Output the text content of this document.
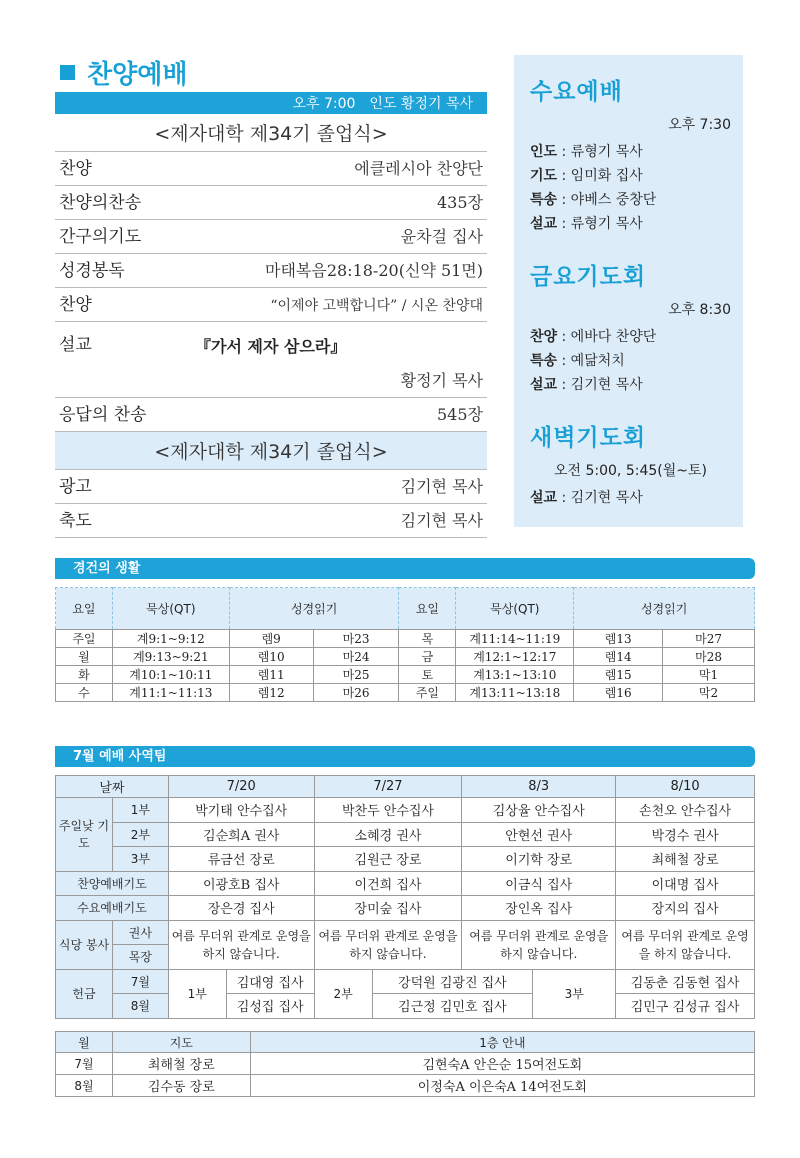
찬양예배
오후 7:00 인도 황정기 목사
<제자대학 제34기 졸업식>
찬양	에클레시아 찬양단
찬양의찬송	435장
간구의기도	윤차걸 집사
성경봉독	마태복음28:18-20(신약 51면)
찬양	“이제야 고백합니다” / 시온 찬양대
설교	『가서 제자 삼으라』
황정기 목사
응답의 찬송	545장
<제자대학 제34기 졸업식>
광고	김기현 목사
축도	김기현 목사
수요예배
오후 7:30
인도 : 류형기 목사
기도 : 임미화 집사
특송 : 야베스 중창단
설교 : 류형기 목사
금요기도회
오후 8:30
찬양 : 에바다 찬양단
특송 : 예닮처치
설교 : 김기현 목사
새벽기도회
오전 5:00, 5:45(월~토)
설교 : 김기현 목사
경건의 생활
요일	묵상(QT)	성경읽기		요일	묵상(QT)	성경읽기	
주일	계9:1~9:12	렘9	마23	목	계11:14~11:19	렘13	마27
월	계9:13~9:21	렘10	마24	금	계12:1~12:17	렘14	마28
화	계10:1~10:11	렘11	마25	토	계13:1~13:10	렘15	막1
수	계11:1~11:13	렘12	마26	주일	계13:11~13:18	렘16	막2
7월 예배 사역팀
날짜		7/20		7/27		8/3		8/10
주일낮 기도	1부	박기태 안수집사		박찬두 안수집사		김상율 안수집사		손천오 안수집사
	2부	김순희A 권사		소혜경 권사		안현선 권사		박경수 권사
	3부	류금선 장로		김원근 장로		이기학 장로		최해철 장로
찬양예배기도		이광호B 집사		이건희 집사		이금식 집사		이대명 집사
수요예배기도		장은경 집사		장미숲 집사		장인옥 집사		장지의 집사
식당 봉사	권사	여름 무더위 관계로 운영을 하지 않습니다.		여름 무더위 관계로 운영을 하지 않습니다.		여름 무더위 관계로 운영을 하지 않습니다.		여름 무더위 관계로 운영을 하지 않습니다.
	목장							
헌금	7월	1부	김대영 집사	2부	강덕원 김광진 집사		3부	김동춘 김동현 집사
	8월		김성집 집사		김근정 김민호 집사			김민구 김성규 집사
월	지도	1층 안내
7월	최해철 장로	김현숙A 안은순 15여전도회
8월	김수동 장로	이정숙A 이은숙A 14여전도회
